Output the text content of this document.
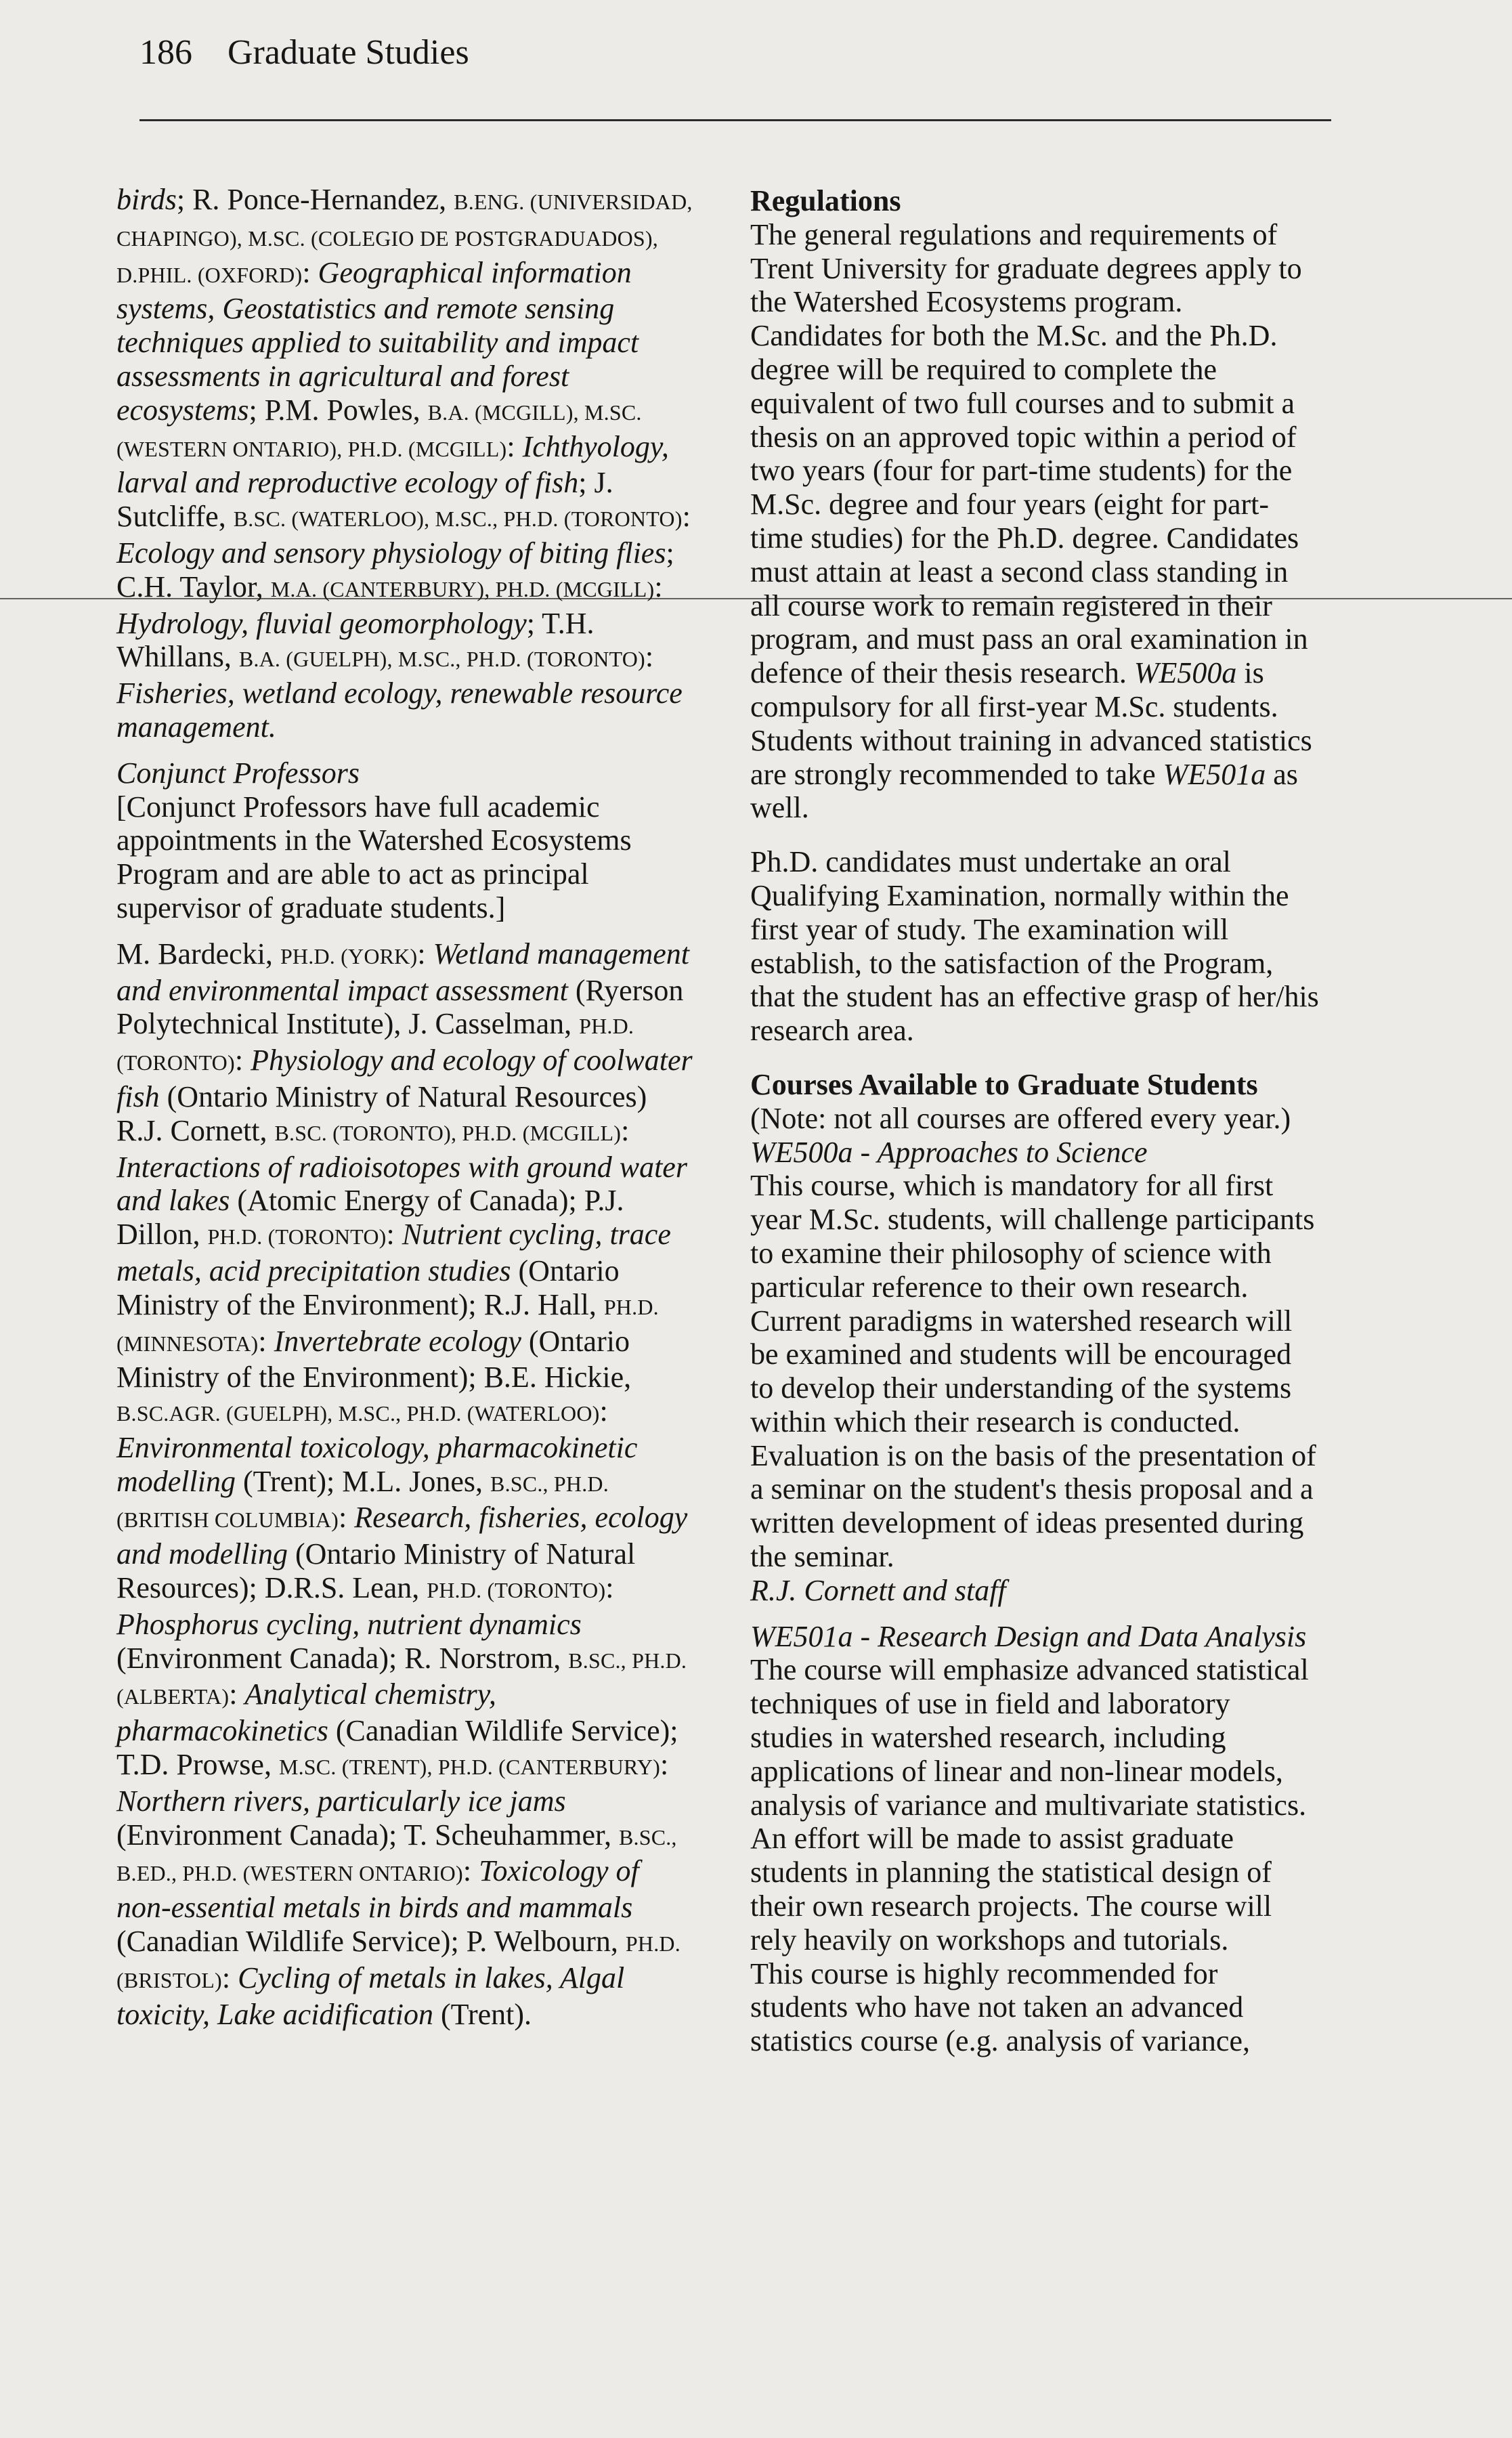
186 Graduate Studies

birds; R. Ponce-Hernandez, B.ENG. (UNIVERSIDAD, CHAPINGO), M.SC. (COLEGIO DE POSTGRADUADOS), D.PHIL. (OXFORD): Geographical information systems, Geostatistics and remote sensing techniques applied to suitability and impact assessments in agricultural and forest ecosystems; P.M. Powles, B.A. (MCGILL), M.SC. (WESTERN ONTARIO), PH.D. (MCGILL): Ichthyology, larval and reproductive ecology of fish; J. Sutcliffe, B.SC. (WATERLOO), M.SC., PH.D. (TORONTO): Ecology and sensory physiology of biting flies; C.H. Taylor, M.A. (CANTERBURY), PH.D. (MCGILL): Hydrology, fluvial geomorphology; T.H. Whillans, B.A. (GUELPH), M.SC., PH.D. (TORONTO): Fisheries, wetland ecology, renewable resource management.

Conjunct Professors

[Conjunct Professors have full academic appointments in the Watershed Ecosystems Program and are able to act as principal supervisor of graduate students.]

M. Bardecki, PH.D. (YORK): Wetland management and environmental impact assessment (Ryerson Polytechnical Institute), J. Casselman, PH.D. (TORONTO): Physiology and ecology of coolwater fish (Ontario Ministry of Natural Resources) R.J. Cornett, B.SC. (TORONTO), PH.D. (MCGILL): Interactions of radioisotopes with ground water and lakes (Atomic Energy of Canada); P.J. Dillon, PH.D. (TORONTO): Nutrient cycling, trace metals, acid precipitation studies (Ontario Ministry of the Environment); R.J. Hall, PH.D. (MINNESOTA): Invertebrate ecology (Ontario Ministry of the Environment); B.E. Hickie, B.SC.AGR. (GUELPH), M.SC., PH.D. (WATERLOO): Environmental toxicology, pharmacokinetic modelling (Trent); M.L. Jones, B.SC., PH.D. (BRITISH COLUMBIA): Research, fisheries, ecology and modelling (Ontario Ministry of Natural Resources); D.R.S. Lean, PH.D. (TORONTO): Phosphorus cycling, nutrient dynamics (Environment Canada); R. Norstrom, B.SC., PH.D. (ALBERTA): Analytical chemistry, pharmacokinetics (Canadian Wildlife Service); T.D. Prowse, M.SC. (TRENT), PH.D. (CANTERBURY): Northern rivers, particularly ice jams (Environment Canada); T. Scheuhammer, B.SC., B.ED., PH.D. (WESTERN ONTARIO): Toxicology of non-essential metals in birds and mammals (Canadian Wildlife Service); P. Welbourn, PH.D. (BRISTOL): Cycling of metals in lakes, Algal toxicity, Lake acidification (Trent).

Regulations

The general regulations and requirements of Trent University for graduate degrees apply to the Watershed Ecosystems program. Candidates for both the M.Sc. and the Ph.D. degree will be required to complete the equivalent of two full courses and to submit a thesis on an approved topic within a period of two years (four for part-time students) for the M.Sc. degree and four years (eight for part-time studies) for the Ph.D. degree. Candidates must attain at least a second class standing in all course work to remain registered in their program, and must pass an oral examination in defence of their thesis research. WE500a is compulsory for all first-year M.Sc. students. Students without training in advanced statistics are strongly recommended to take WE501a as well.

Ph.D. candidates must undertake an oral Qualifying Examination, normally within the first year of study. The examination will establish, to the satisfaction of the Program, that the student has an effective grasp of her/his research area.

Courses Available to Graduate Students (Note: not all courses are offered every year.)

WE500a - Approaches to Science

This course, which is mandatory for all first year M.Sc. students, will challenge participants to examine their philosophy of science with particular reference to their own research. Current paradigms in watershed research will be examined and students will be encouraged to develop their understanding of the systems within which their research is conducted. Evaluation is on the basis of the presentation of a seminar on the student's thesis proposal and a written development of ideas presented during the seminar.

R.J. Cornett and staff

WE501a - Research Design and Data Analysis

The course will emphasize advanced statistical techniques of use in field and laboratory studies in watershed research, including applications of linear and non-linear models, analysis of variance and multivariate statistics. An effort will be made to assist graduate students in planning the statistical design of their own research projects. The course will rely heavily on workshops and tutorials.

This course is highly recommended for students who have not taken an advanced statistics course (e.g. analysis of variance,
